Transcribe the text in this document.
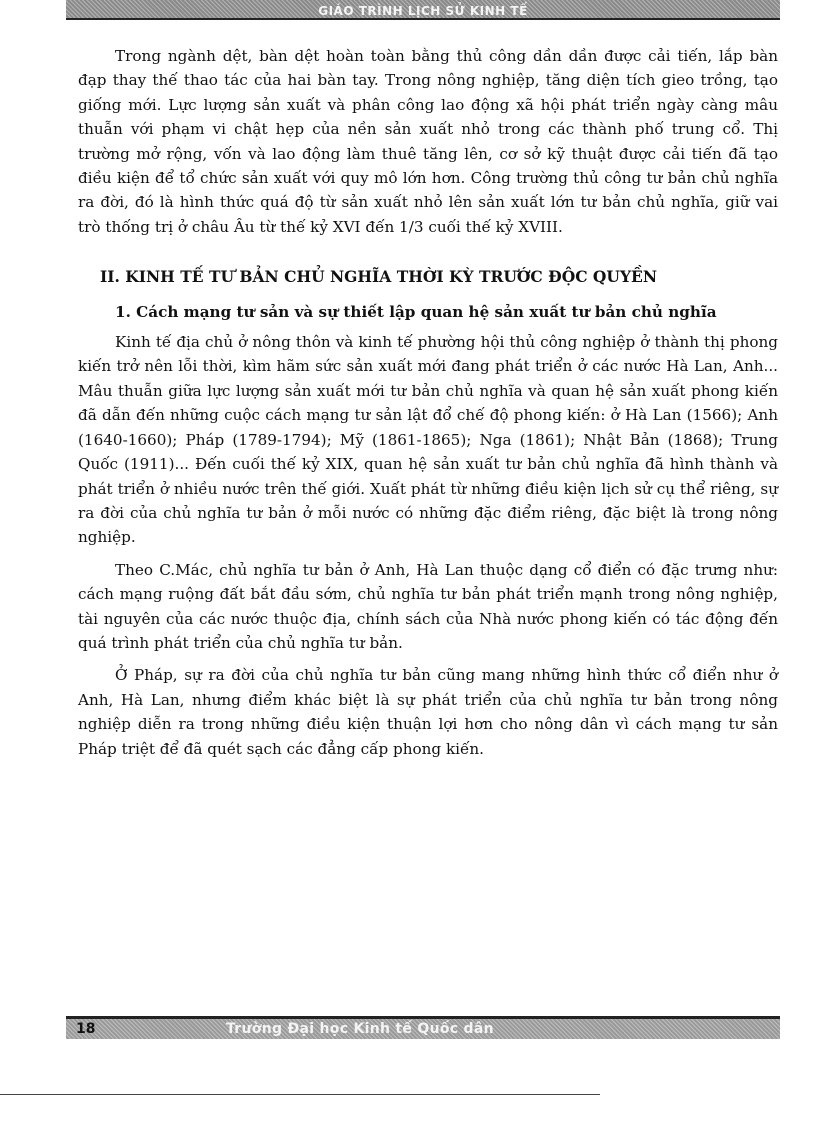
GIÁO TRÌNH LỊCH SỬ KINH TẾ

Trong ngành dệt, bàn dệt hoàn toàn bằng thủ công dần dần được cải tiến, lắp bàn đạp thay thế thao tác của hai bàn tay. Trong nông nghiệp, tăng diện tích gieo trồng, tạo giống mới. Lực lượng sản xuất và phân công lao động xã hội phát triển ngày càng mâu thuẫn với phạm vi chật hẹp của nền sản xuất nhỏ trong các thành phố trung cổ. Thị trường mở rộng, vốn và lao động làm thuê tăng lên, cơ sở kỹ thuật được cải tiến đã tạo điều kiện để tổ chức sản xuất với quy mô lớn hơn. Công trường thủ công tư bản chủ nghĩa ra đời, đó là hình thức quá độ từ sản xuất nhỏ lên sản xuất lớn tư bản chủ nghĩa, giữ vai trò thống trị ở châu Âu từ thế kỷ XVI đến 1/3 cuối thế kỷ XVIII.

II. KINH TẾ TƯ BẢN CHỦ NGHĨA THỜI KỲ TRƯỚC ĐỘC QUYỀN
1. Cách mạng tư sản và sự thiết lập quan hệ sản xuất tư bản chủ nghĩa

Kinh tế địa chủ ở nông thôn và kinh tế phường hội thủ công nghiệp ở thành thị phong kiến trở nên lỗi thời, kìm hãm sức sản xuất mới đang phát triển ở các nước Hà Lan, Anh... Mâu thuẫn giữa lực lượng sản xuất mới tư bản chủ nghĩa và quan hệ sản xuất phong kiến đã dẫn đến những cuộc cách mạng tư sản lật đổ chế độ phong kiến: ở Hà Lan (1566); Anh (1640-1660); Pháp (1789-1794); Mỹ (1861-1865); Nga (1861); Nhật Bản (1868); Trung Quốc (1911)... Đến cuối thế kỷ XIX, quan hệ sản xuất tư bản chủ nghĩa đã hình thành và phát triển ở nhiều nước trên thế giới. Xuất phát từ những điều kiện lịch sử cụ thể riêng, sự ra đời của chủ nghĩa tư bản ở mỗi nước có những đặc điểm riêng, đặc biệt là trong nông nghiệp.

Theo C.Mác, chủ nghĩa tư bản ở Anh, Hà Lan thuộc dạng cổ điển có đặc trưng như: cách mạng ruộng đất bắt đầu sớm, chủ nghĩa tư bản phát triển mạnh trong nông nghiệp, tài nguyên của các nước thuộc địa, chính sách của Nhà nước phong kiến có tác động đến quá trình phát triển của chủ nghĩa tư bản.

Ở Pháp, sự ra đời của chủ nghĩa tư bản cũng mang những hình thức cổ điển như ở Anh, Hà Lan, nhưng điểm khác biệt là sự phát triển của chủ nghĩa tư bản trong nông nghiệp diễn ra trong những điều kiện thuận lợi hơn cho nông dân vì cách mạng tư sản Pháp triệt để đã quét sạch các đẳng cấp phong kiến.

18	Trường Đại học Kinh tế Quốc dân
